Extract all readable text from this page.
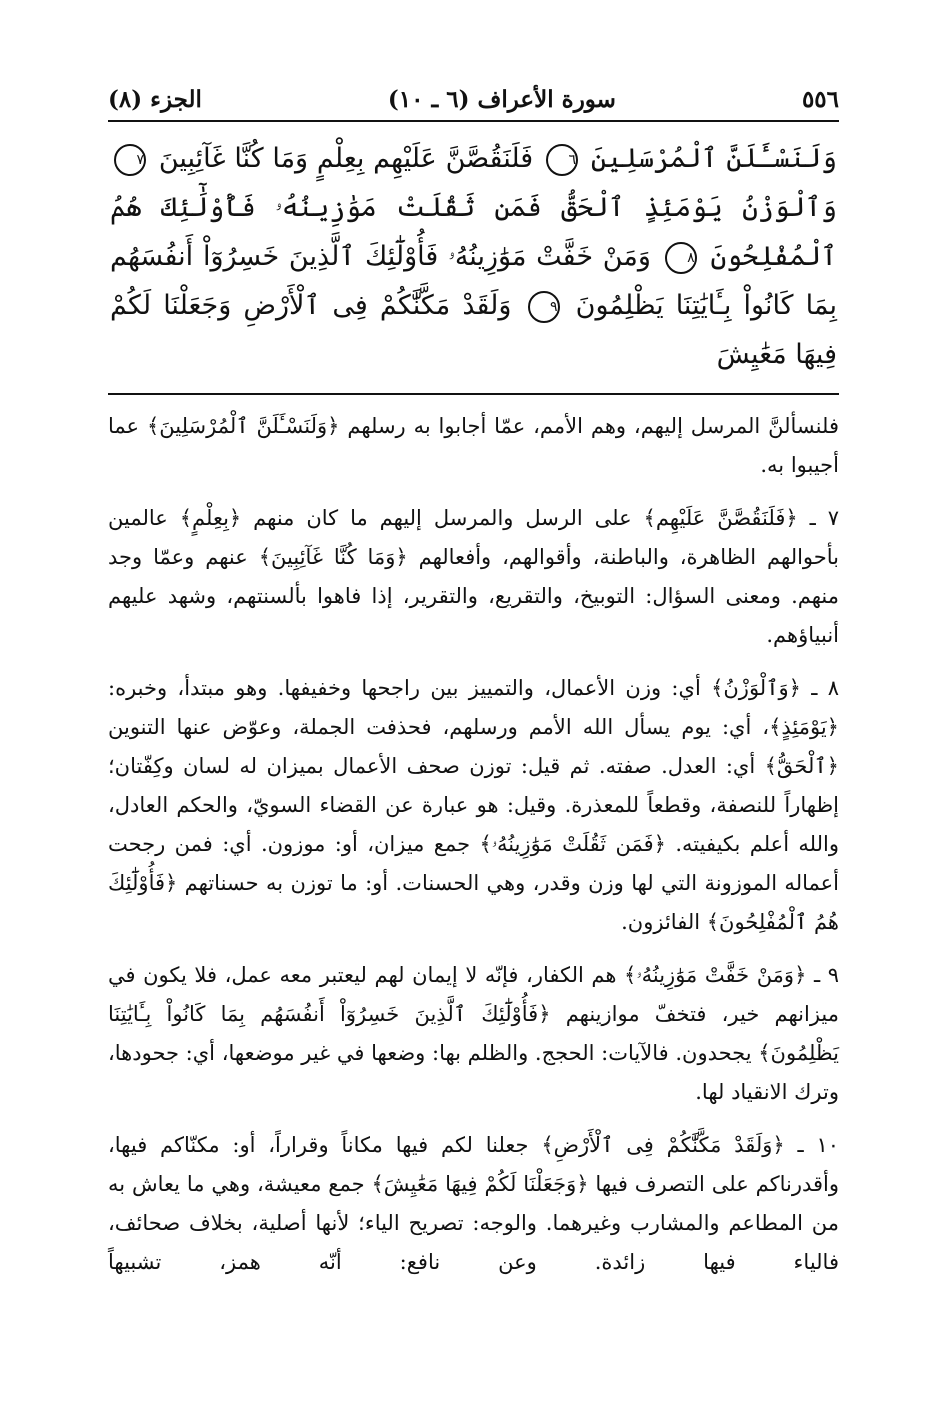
٥٥٦
سورة الأعراف (٦ ـ ١٠)
الجزء (٨)
وَلَنَسْـَٔلَنَّ ٱلْمُرْسَلِينَ ٦ فَلَنَقُصَّنَّ عَلَيْهِم بِعِلْمٍ وَمَا كُنَّا غَآئِبِينَ ٧ وَٱلْوَزْنُ يَوْمَئِذٍ ٱلْحَقُّ فَمَن ثَقُلَتْ مَوَٰزِينُهُۥ فَأُوْلَٰٓئِكَ هُمُ ٱلْمُفْلِحُونَ ٨ وَمَنْ خَفَّتْ مَوَٰزِينُهُۥ فَأُوْلَٰٓئِكَ ٱلَّذِينَ خَسِرُوٓاْ أَنفُسَهُم بِمَا كَانُواْ بِـَٔايَٰتِنَا يَظْلِمُونَ ٩ وَلَقَدْ مَكَّنَّٰكُمْ فِى ٱلْأَرْضِ وَجَعَلْنَا لَكُمْ فِيهَا مَعَٰيِشَ

فلنسألنَّ المرسل إليهم، وهم الأمم، عمّا أجابوا به رسلهم ﴿وَلَنَسْـَٔلَنَّ ٱلْمُرْسَلِينَ﴾ عما أجيبوا به.

٧ ـ ﴿فَلَنَقُصَّنَّ عَلَيْهِم﴾ على الرسل والمرسل إليهم ما كان منهم ﴿بِعِلْمٍ﴾ عالمين بأحوالهم الظاهرة، والباطنة، وأقوالهم، وأفعالهم ﴿وَمَا كُنَّا غَآئِبِينَ﴾ عنهم وعمّا وجد منهم. ومعنى السؤال: التوبيخ، والتقريع، والتقرير، إذا فاهوا بألسنتهم، وشهد عليهم أنبياؤهم.

٨ ـ ﴿وَٱلْوَزْنُ﴾ أي: وزن الأعمال، والتمييز بين راجحها وخفيفها. وهو مبتدأ، وخبره: ﴿يَوْمَئِذٍ﴾، أي: يوم يسأل الله الأمم ورسلهم، فحذفت الجملة، وعوّض عنها التنوين ﴿ٱلْحَقُّ﴾ أي: العدل. صفته. ثم قيل: توزن صحف الأعمال بميزان له لسان وكِفّتان؛ إظهاراً للنصفة، وقطعاً للمعذرة. وقيل: هو عبارة عن القضاء السويّ، والحكم العادل، والله أعلم بكيفيته. ﴿فَمَن ثَقُلَتْ مَوَٰزِينُهُۥ﴾ جمع ميزان، أو: موزون. أي: فمن رجحت أعماله الموزونة التي لها وزن وقدر، وهي الحسنات. أو: ما توزن به حسناتهم ﴿فَأُوْلَٰٓئِكَ هُمُ ٱلْمُفْلِحُونَ﴾ الفائزون.

٩ ـ ﴿وَمَنْ خَفَّتْ مَوَٰزِينُهُۥ﴾ هم الكفار، فإنّه لا إيمان لهم ليعتبر معه عمل، فلا يكون في ميزانهم خير، فتخفّ موازينهم ﴿فَأُوْلَٰٓئِكَ ٱلَّذِينَ خَسِرُوٓاْ أَنفُسَهُم بِمَا كَانُواْ بِـَٔايَٰتِنَا يَظْلِمُونَ﴾ يجحدون. فالآيات: الحجج. والظلم بها: وضعها في غير موضعها، أي: جحودها، وترك الانقياد لها.

١٠ ـ ﴿وَلَقَدْ مَكَّنَّٰكُمْ فِى ٱلْأَرْضِ﴾ جعلنا لكم فيها مكاناً وقراراً، أو: مكنّاكم فيها، وأقدرناكم على التصرف فيها ﴿وَجَعَلْنَا لَكُمْ فِيهَا مَعَٰيِشَ﴾ جمع معيشة، وهي ما يعاش به من المطاعم والمشارب وغيرهما. والوجه: تصريح الياء؛ لأنها أصلية، بخلاف صحائف، فالياء فيها زائدة. وعن نافع: أنّه همز، تشبيهاً
